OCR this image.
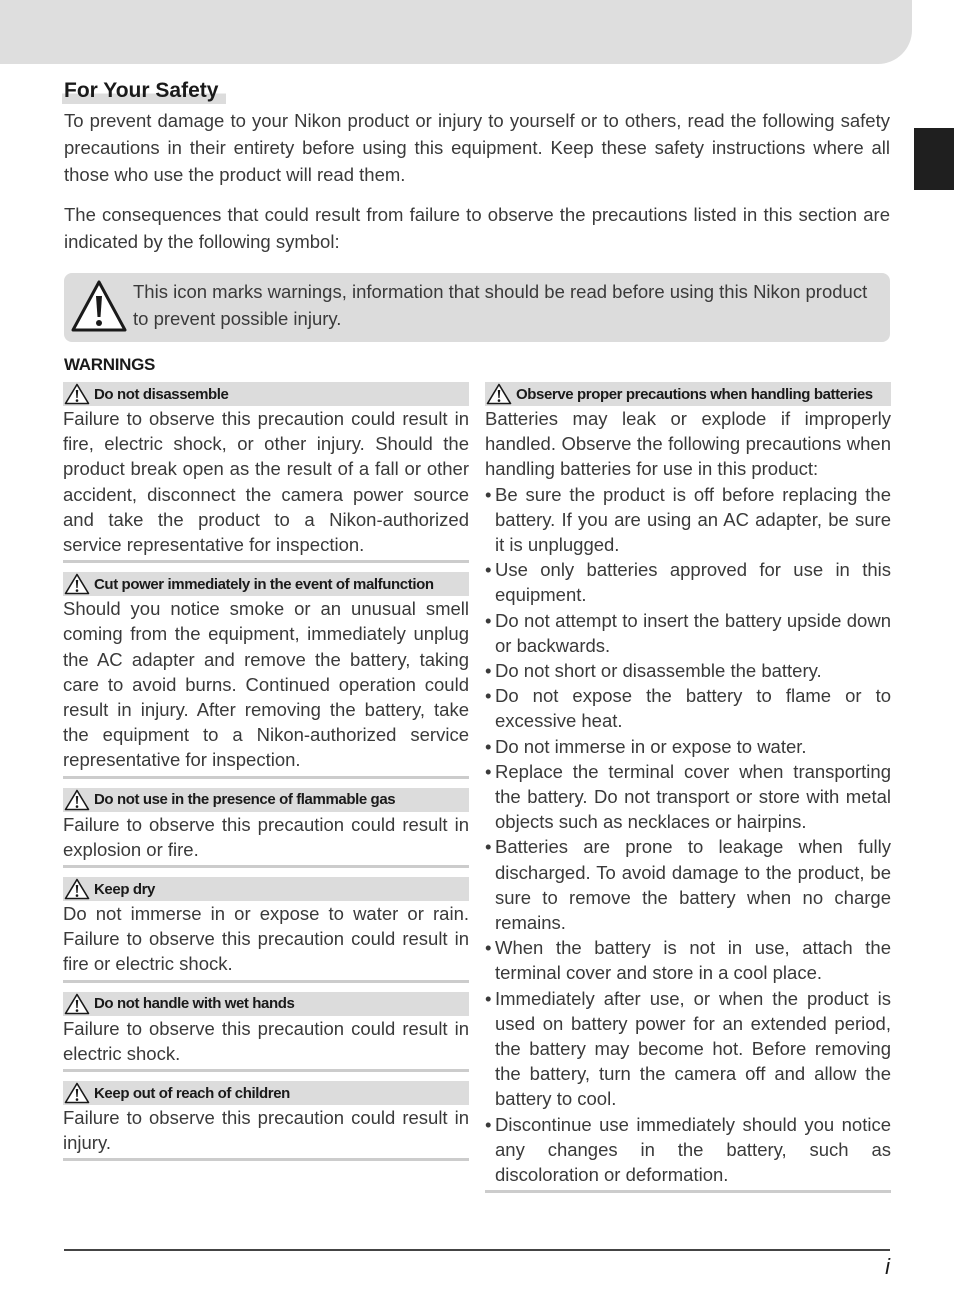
For Your Safety

To prevent damage to your Nikon product or injury to yourself or to others, read the following safety precautions in their entirety before using this equipment. Keep these safety instructions where all those who use the product will read them.

The consequences that could result from failure to observe the precautions listed in this section are indicated by the following symbol:

This icon marks warnings, information that should be read before using this Nikon product to prevent possible injury.

WARNINGS

Do not disassemble

Failure to observe this precaution could result in fire, electric shock, or other injury. Should the product break open as the result of a fall or other accident, disconnect the camera power source and take the product to a Nikon-authorized service representative for inspection.

Cut power immediately in the event of malfunction

Should you notice smoke or an unusual smell coming from the equipment, immediately unplug the AC adapter and remove the battery, taking care to avoid burns. Continued operation could result in injury. After removing the battery, take the equipment to a Nikon-authorized service representative for inspection.

Do not use in the presence of flammable gas

Failure to observe this precaution could result in explosion or fire.

Keep dry

Do not immerse in or expose to water or rain. Failure to observe this precaution could result in fire or electric shock.

Do not handle with wet hands

Failure to observe this precaution could result in electric shock.

Keep out of reach of children

Failure to observe this precaution could result in injury.

Observe proper precautions when handling batteries

Batteries may leak or explode if improperly handled. Observe the following precautions when handling batteries for use in this product:

• Be sure the product is off before replacing the battery. If you are using an AC adapter, be sure it is unplugged.
• Use only batteries approved for use in this equipment.
• Do not attempt to insert the battery upside down or backwards.
• Do not short or disassemble the battery.
• Do not expose the battery to flame or to excessive heat.
• Do not immerse in or expose to water.
• Replace the terminal cover when transporting the battery. Do not transport or store with metal objects such as necklaces or hairpins.
• Batteries are prone to leakage when fully discharged. To avoid damage to the product, be sure to remove the battery when no charge remains.
• When the battery is not in use, attach the terminal cover and store in a cool place.
• Immediately after use, or when the product is used on battery power for an extended period, the battery may become hot. Before removing the battery, turn the camera off and allow the battery to cool.
• Discontinue use immediately should you notice any changes in the battery, such as discoloration or deformation.

i
